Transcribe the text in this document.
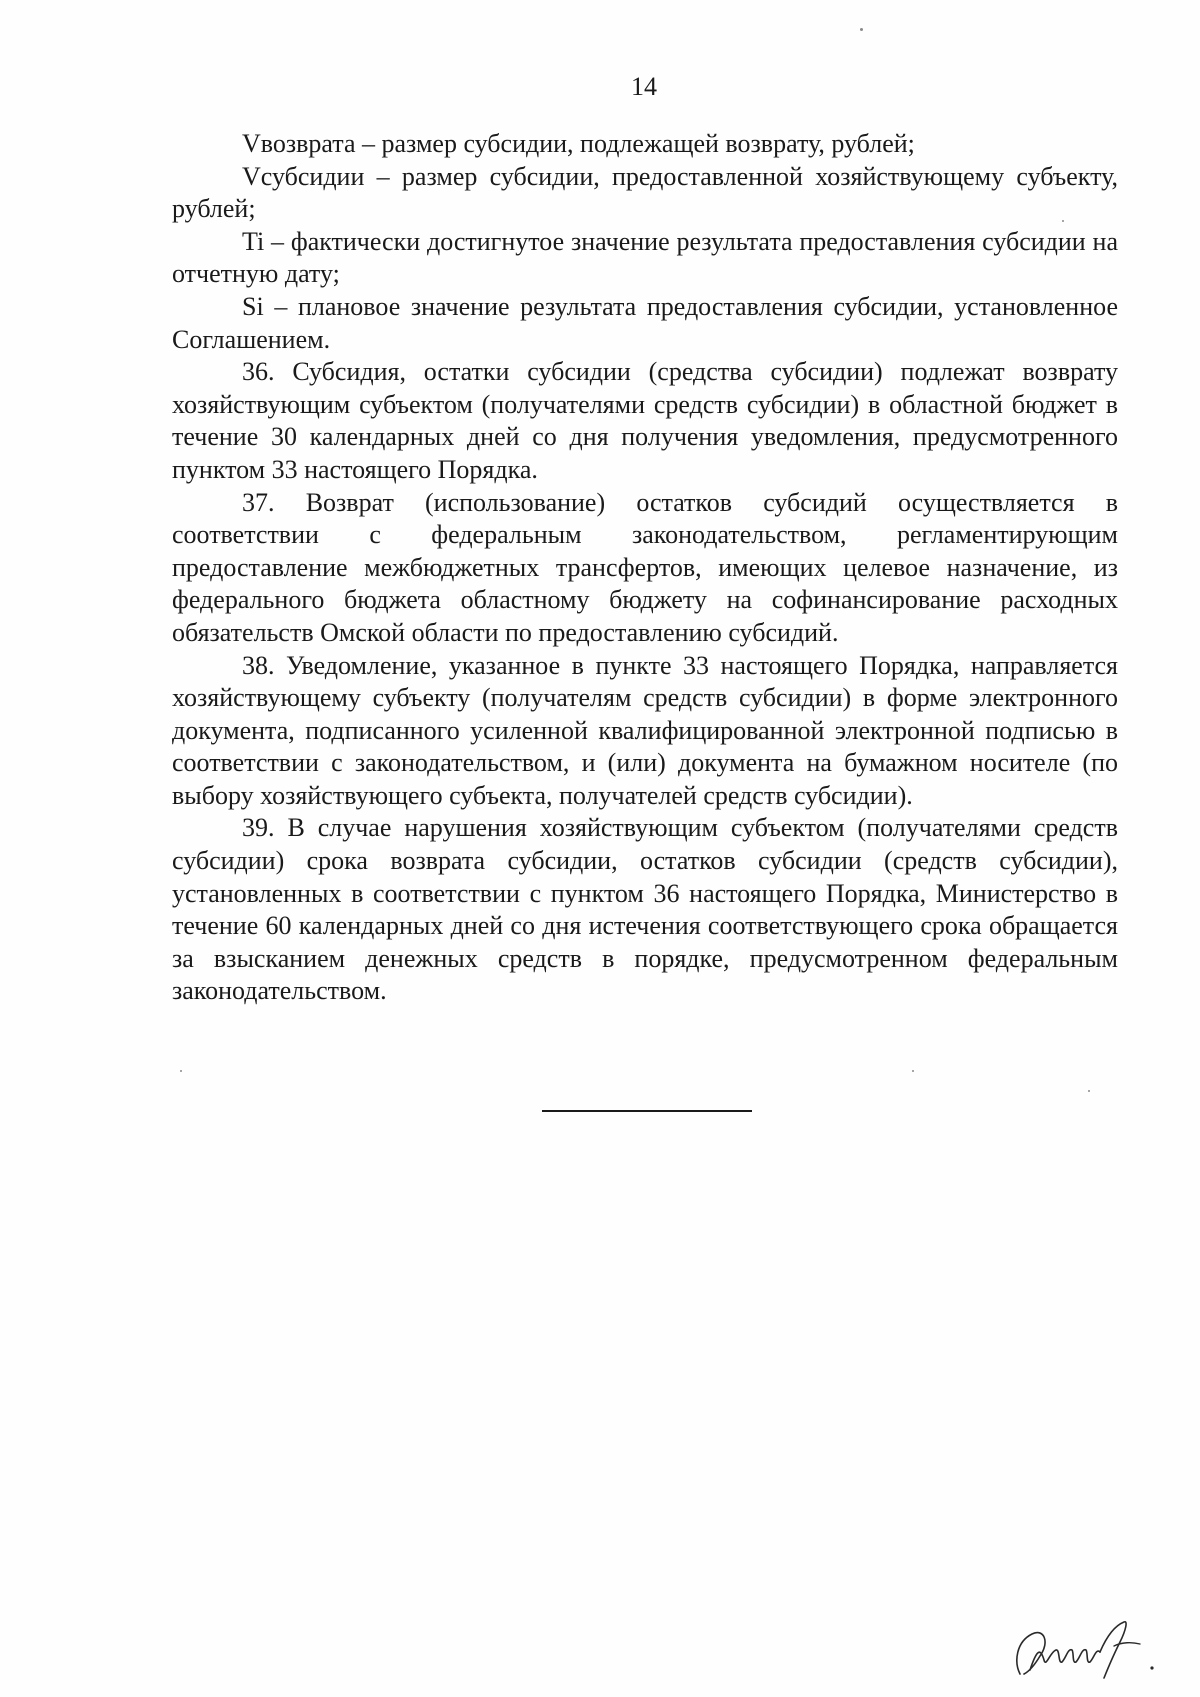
14

Vвозврата – размер субсидии, подлежащей возврату, рублей;

Vсубсидии – размер субсидии, предоставленной хозяйствующему субъекту, рублей;

Ti – фактически достигнутое значение результата предоставления субсидии на отчетную дату;

Si – плановое значение результата предоставления субсидии, установленное Соглашением.

36. Субсидия, остатки субсидии (средства субсидии) подлежат возврату хозяйствующим субъектом (получателями средств субсидии) в областной бюджет в течение 30 календарных дней со дня получения уведомления, предусмотренного пунктом 33 настоящего Порядка.

37. Возврат (использование) остатков субсидий осуществляется в соответствии с федеральным законодательством, регламентирующим предоставление межбюджетных трансфертов, имеющих целевое назначение, из федерального бюджета областному бюджету на софинансирование расходных обязательств Омской области по предоставлению субсидий.

38. Уведомление, указанное в пункте 33 настоящего Порядка, направляется хозяйствующему субъекту (получателям средств субсидии) в форме электронного документа, подписанного усиленной квалифицированной электронной подписью в соответствии с законодательством, и (или) документа на бумажном носителе (по выбору хозяйствующего субъекта, получателей средств субсидии).

39. В случае нарушения хозяйствующим субъектом (получателями средств субсидии) срока возврата субсидии, остатков субсидии (средств субсидии), установленных в соответствии с пунктом 36 настоящего Порядка, Министерство в течение 60 календарных дней со дня истечения соответствующего срока обращается за взысканием денежных средств в порядке, предусмотренном федеральным законодательством.
